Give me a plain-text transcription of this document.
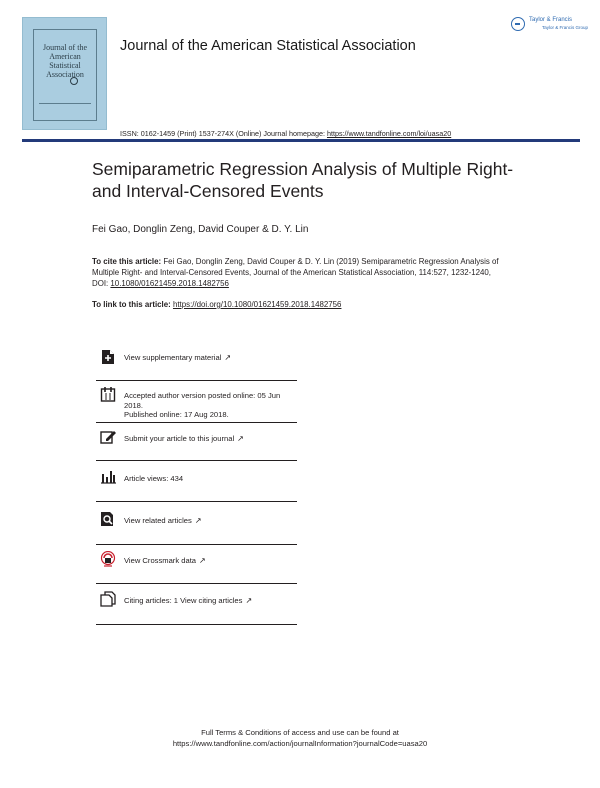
Journal of the American Statistical Association
Journal of the American Statistical Association
Taylor & Francis
Taylor & Francis Group
ISSN: 0162-1459 (Print) 1537-274X (Online) Journal homepage: https://www.tandfonline.com/loi/uasa20
Semiparametric Regression Analysis of Multiple Right- and Interval-Censored Events
Fei Gao, Donglin Zeng, David Couper & D. Y. Lin
To cite this article: Fei Gao, Donglin Zeng, David Couper & D. Y. Lin (2019) Semiparametric Regression Analysis of Multiple Right- and Interval-Censored Events, Journal of the American Statistical Association, 114:527, 1232-1240, DOI: 10.1080/01621459.2018.1482756
To link to this article: https://doi.org/10.1080/01621459.2018.1482756
View supplementary material ↗
Accepted author version posted online: 05 Jun 2018.
Published online: 17 Aug 2018.
Submit your article to this journal ↗
Article views: 434
View related articles ↗
View Crossmark data ↗
Citing articles: 1 View citing articles ↗
Full Terms & Conditions of access and use can be found at
https://www.tandfonline.com/action/journalInformation?journalCode=uasa20
